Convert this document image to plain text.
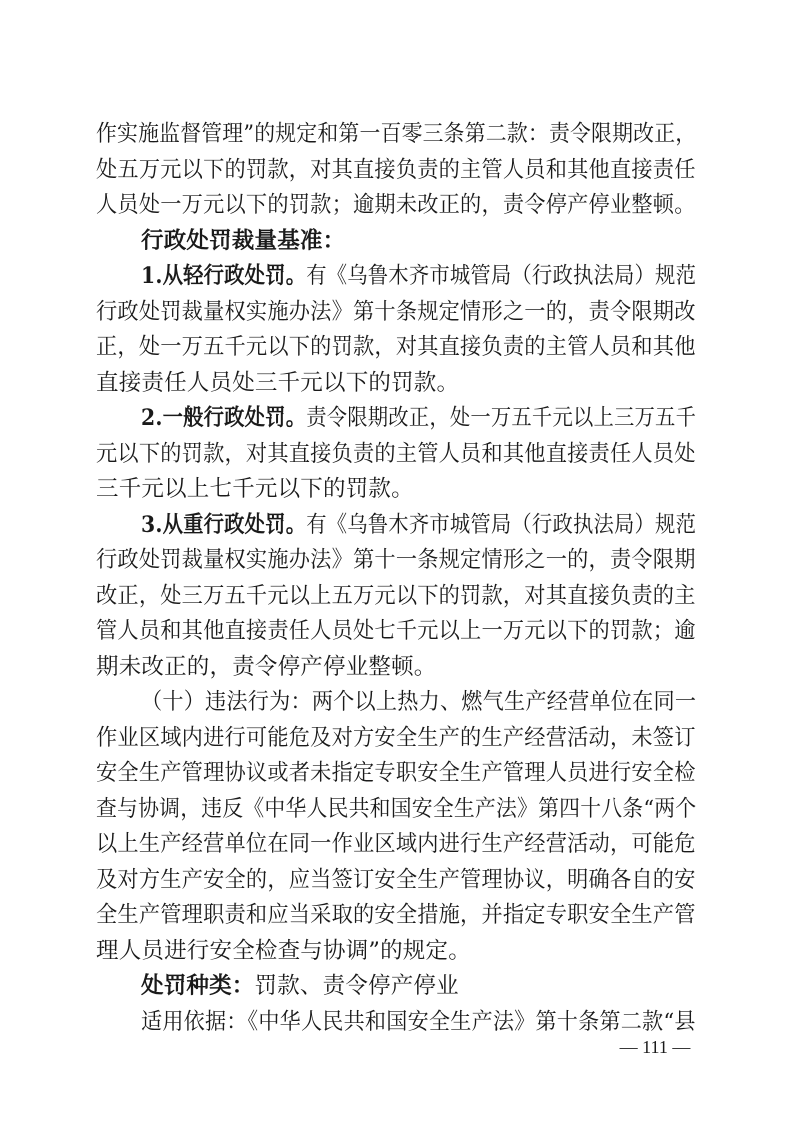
作实施监督管理”的规定和第一百零三条第二款：责令限期改正，
处五万元以下的罚款，对其直接负责的主管人员和其他直接责任
人员处一万元以下的罚款；逾期未改正的，责令停产停业整顿。
行政处罚裁量基准：
1.从轻行政处罚。有《乌鲁木齐市城管局（行政执法局）规范
行政处罚裁量权实施办法》第十条规定情形之一的，责令限期改
正，处一万五千元以下的罚款，对其直接负责的主管人员和其他
直接责任人员处三千元以下的罚款。
2.一般行政处罚。责令限期改正，处一万五千元以上三万五千
元以下的罚款，对其直接负责的主管人员和其他直接责任人员处
三千元以上七千元以下的罚款。
3.从重行政处罚。有《乌鲁木齐市城管局（行政执法局）规范
行政处罚裁量权实施办法》第十一条规定情形之一的，责令限期
改正，处三万五千元以上五万元以下的罚款，对其直接负责的主
管人员和其他直接责任人员处七千元以上一万元以下的罚款；逾
期未改正的，责令停产停业整顿。
（十）违法行为：两个以上热力、燃气生产经营单位在同一
作业区域内进行可能危及对方安全生产的生产经营活动，未签订
安全生产管理协议或者未指定专职安全生产管理人员进行安全检
查与协调，违反《中华人民共和国安全生产法》第四十八条“两个
以上生产经营单位在同一作业区域内进行生产经营活动，可能危
及对方生产安全的，应当签订安全生产管理协议，明确各自的安
全生产管理职责和应当采取的安全措施，并指定专职安全生产管
理人员进行安全检查与协调”的规定。
处罚种类：罚款、责令停产停业
适用依据：《中华人民共和国安全生产法》第十条第二款“县
— 111 —
